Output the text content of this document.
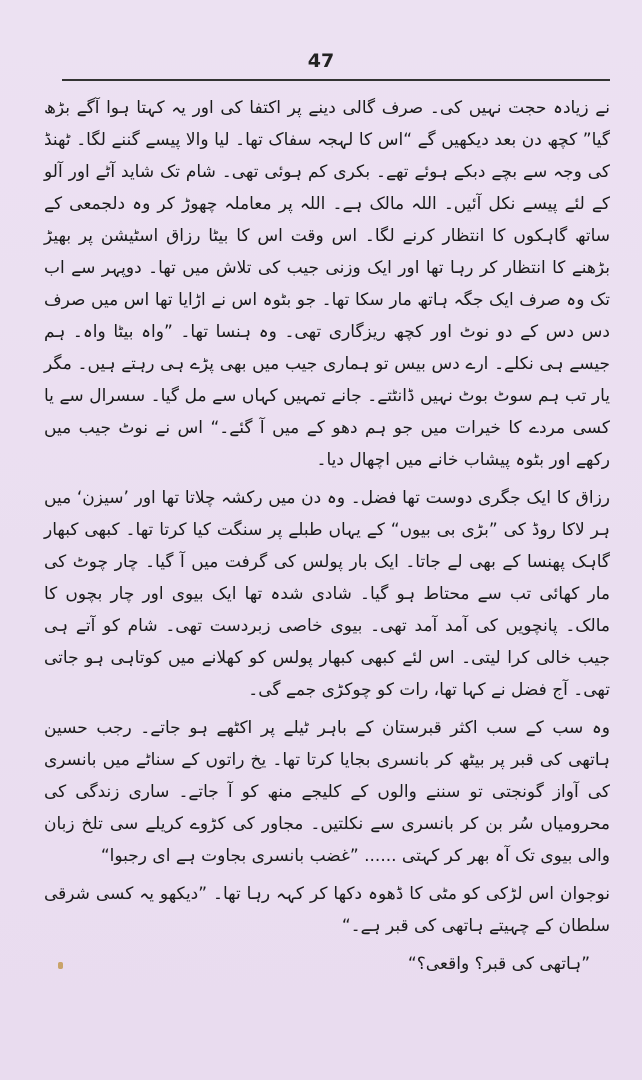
47

نے زیادہ حجت نہیں کی۔ صرف گالی دینے پر اکتفا کی اور یہ کہتا ہوا آگے بڑھ گیا” کچھ دن بعد دیکھیں گے “اس کا لہجہ سفاک تھا۔ لیا والا پیسے گننے لگا۔ ٹھنڈ کی وجہ سے بچے دبکے ہوئے تھے۔ بکری کم ہوئی تھی۔ شام تک شاید آٹے اور آلو کے لئے پیسے نکل آئیں۔ اللہ مالک ہے۔ اللہ پر معاملہ چھوڑ کر وہ دلجمعی کے ساتھ گاہکوں کا انتظار کرنے لگا۔ اس وقت اس کا بیٹا رزاق اسٹیشن پر بھیڑ بڑھنے کا انتظار کر رہا تھا اور ایک وزنی جیب کی تلاش میں تھا۔ دوپہر سے اب تک وہ صرف ایک جگہ ہاتھ مار سکا تھا۔ جو بٹوہ اس نے اڑایا تھا اس میں صرف دس دس کے دو نوٹ اور کچھ ریزگاری تھی۔ وہ ہنسا تھا۔ ”واہ بیٹا واہ۔ ہم جیسے ہی نکلے۔ ارے دس بیس تو ہماری جیب میں بھی پڑے ہی رہتے ہیں۔ مگر یار تب ہم سوٹ بوٹ نہیں ڈانٹتے۔ جانے تمہیں کہاں سے مل گیا۔ سسرال سے یا کسی مردے کا خیرات میں جو ہم دھو کے میں آ گئے۔“ اس نے نوٹ جیب میں رکھے اور بٹوہ پیشاب خانے میں اچھال دیا۔

رزاق کا ایک جگری دوست تھا فضل۔ وہ دن میں رکشہ چلاتا تھا اور ’سیزن‘ میں ہر لاکا روڈ کی ”بڑی بی بیوں“ کے یہاں طبلے پر سنگت کیا کرتا تھا۔ کبھی کبھار گاہک پھنسا کے بھی لے جاتا۔ ایک بار پولس کی گرفت میں آ گیا۔ چار چوٹ کی مار کھائی تب سے محتاط ہو گیا۔ شادی شدہ تھا ایک بیوی اور چار بچوں کا مالک۔ پانچویں کی آمد آمد تھی۔ بیوی خاصی زبردست تھی۔ شام کو آتے ہی جیب خالی کرا لیتی۔ اس لئے کبھی کبھار پولس کو کھلانے میں کوتاہی ہو جاتی تھی۔ آج فضل نے کہا تھا، رات کو چوکڑی جمے گی۔

وہ سب کے سب اکثر قبرستان کے باہر ٹیلے پر اکٹھے ہو جاتے۔ رجب حسین ہاتھی کی قبر پر بیٹھ کر بانسری بجایا کرتا تھا۔ یخ راتوں کے سناٹے میں بانسری کی آواز گونجتی تو سننے والوں کے کلیجے منھ کو آ جاتے۔ ساری زندگی کی محرومیاں سُر بن کر بانسری سے نکلتیں۔ مجاور کی کڑوے کریلے سی تلخ زبان والی بیوی تک آہ بھر کر کہتی ...... ”غضب بانسری بجاوت ہے ای رجبوا“

نوجوان اس لڑکی کو مٹی کا ڈھوہ دکھا کر کہہ رہا تھا۔ ”دیکھو یہ کسی شرقی سلطان کے چہیتے ہاتھی کی قبر ہے۔“

”ہاتھی کی قبر؟ واقعی؟“
